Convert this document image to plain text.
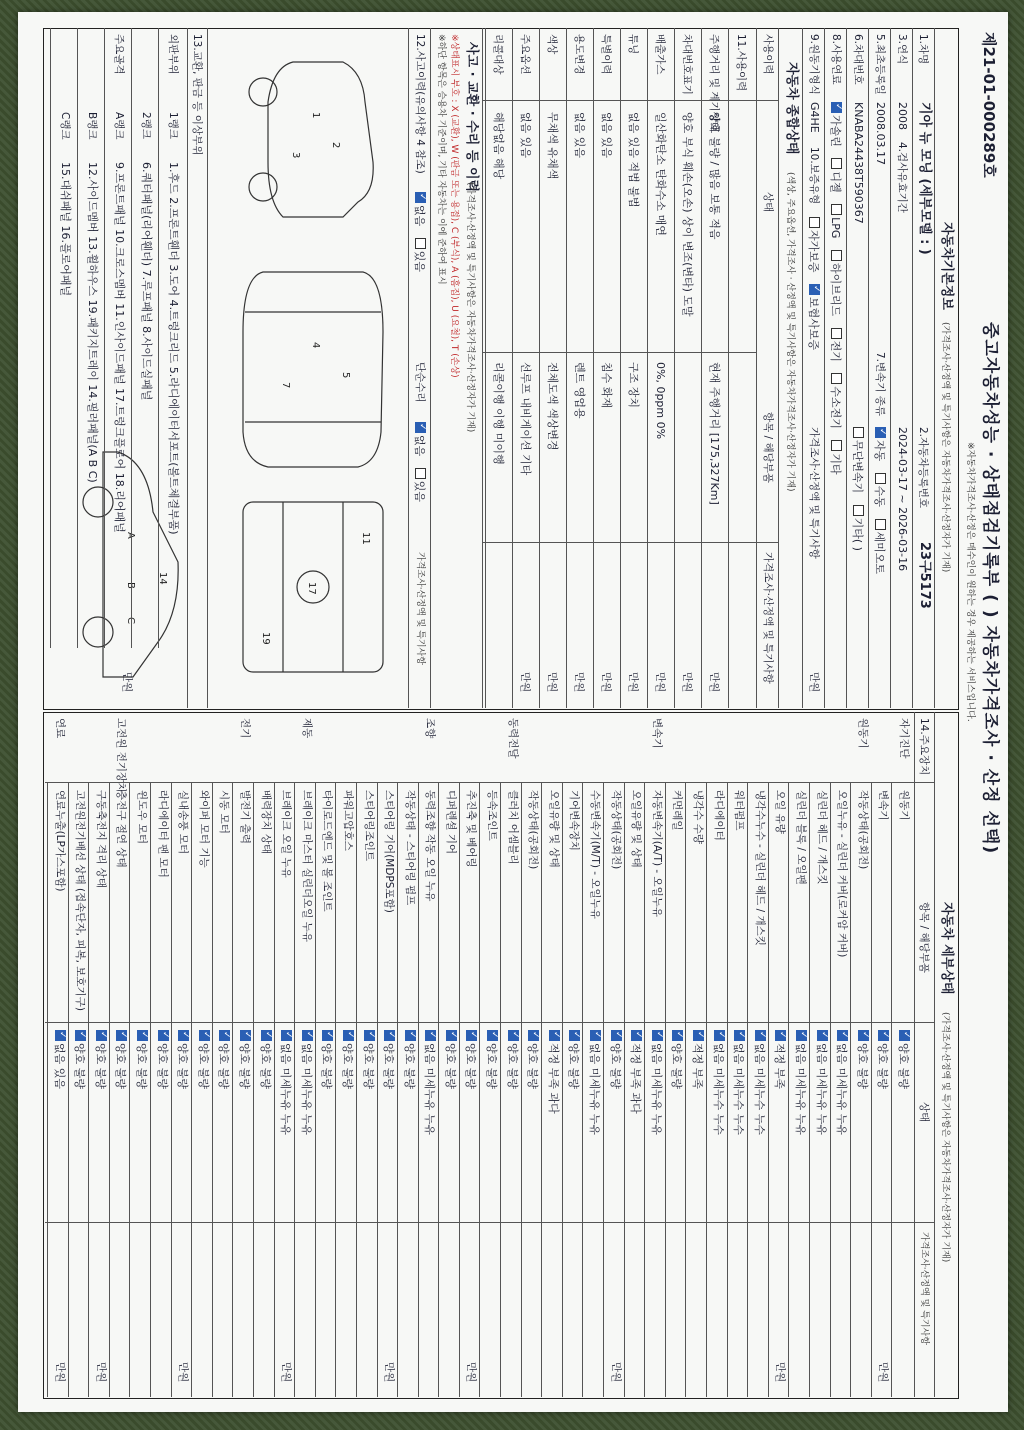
제21-01-000289호
중고자동차성능 · 상태점검기록부 ( ) 자동차가격조사 · 산정 선택)
※자동차가격조사·산정은 매수인이 원하는 경우 제공하는 서비스입니다.
자동차기본정보
(가격조사·산정액 및 특기사항은 자동차가격조사·산정자가 기재)
1.차명
기아 뉴 모닝 (세부모델 : )
2.자동차등록번호
23구5173
3.연식
2008
4.검사유효기간
2024-03-17 ~ 2026-03-16
5.최초등록일
2008.03.17
7.변속기 종류
✓자동 수동 세미오토
6.차대번호
KNABA24438T590367
무단변속기 기타( )
8.사용연료
✓가솔린 디젤 LPG 하이브리드 전기 수소전기 기타
9.원동기형식
G4HE
10.보증유형
자가보증 ✓보험사보증
가격조사·산정액 및 특기사항
만원
자동차 종합상태
(색상, 주요옵션, 가격조사 · 산정액 및 특기사항은 자동차가격조사·산정자가 기재)
사용이력
상태
항목 / 해당부품
가격조사·산정액 및 특기사항
11.사용이력
주행거리 및 계기상태
양호 불량 / 많음 보통 적음
현재 주행거리 [175,327Km]
만원
차대번호표기
양호 부식 훼손(오손) 상이 변조(변타) 도말
만원
배출가스
일산화탄소 탄화수소 매연
0%, 0ppm 0%
만원
튜닝
없음 있음 적법 불법
구조 장치
만원
특별이력
없음 있음
침수 화재
만원
용도변경
없음 있음
렌트 영업용
만원
색상
무채색 유채색
전체도색 색상변경
만원
주요옵션
없음 있음
선루프 내비게이션 기타
만원
리콜대상
해당없음 해당
리콜이행 이행 미이행
사고 · 교환 · 수리 등 이력
(가격조사·산정액 및 특기사항은 자동차가격조사·산정자가 기재)
※상태표시 부호 : X (교환), W (판금 또는 용접), C (부식), A (흠집), U (요철), T (손상)
※하단 항목은 승용차 기준이며, 기타 자동차는 이에 준하여 표시
12.사고이력(유의사항 4 참조)
✓없음 있음
단순수리
✓없음 있음
가격조사·산정액 및 특기사항
1
2
3
4
5
7
17
11
19
14
A
B
C
13.교환, 판금 등 이상부위
외판부위
1랭크
1.후드 2.프론트휀더 3.도어 4.트렁크리드 5.라디에이터서포트(볼트체결부품)
2랭크
6.쿼터패널(리어휀더) 7.루프패널 8.사이드실패널
주요골격
A랭크
9.프론트패널 10.크로스멤버 11.인사이드패널 17.트렁크플로어 18.리어패널
B랭크
12.사이드멤버 13.휠하우스 19.패키지트레이 14.필러패널(A B C)
C랭크
15.대쉬패널 16.플로어패널
만원
자동차 세부상태
(가격조사·산정액 및 특기사항은 자동차가격조사·산정자가 기재)
14.주요장치
항목 / 해당부품
상태
가격조사·산정액 및 특기사항
자기진단
원동기
✓양호 불량
변속기
✓양호 불량
만원
원동기
작동상태(공회전)
✓양호 불량
오일누유 - 실린더 커버(로커암 커버)
✓없음 미세누유 누유
실린더 헤드 / 개스킷
✓없음 미세누유 누유
실린더 블록 / 오일팬
✓없음 미세누유 누유
오일 유량
✓적정 부족
만원
냉각수누수 - 실린더 헤드 / 개스킷
✓없음 미세누수 누수
워터펌프
✓없음 미세누수 누수
라디에이터
✓없음 미세누수 누수
냉각수 수량
✓적정 부족
커먼레일
✓양호 불량
변속기
자동변속기(A/T) - 오일누유
✓없음 미세누유 누유
오일유량 및 상태
✓적정 부족 과다
작동상태(공회전)
✓양호 불량
만원
수동변속기(M/T) - 오일누유
✓없음 미세누유 누유
기어변속장치
✓양호 불량
오일유량 및 상태
✓적정 부족 과다
작동상태(공회전)
✓양호 불량
동력전달
클러치 어셈블리
✓양호 불량
등속조인트
✓양호 불량
추진축 및 베어링
✓양호 불량
만원
디퍼렌셜 기어
✓양호 불량
조향
동력조향 작동 오일 누유
✓없음 미세누유 누유
작동상태 - 스티어링 펌프
✓양호 불량
스티어링 기어(MDPS포함)
✓양호 불량
만원
스티어링조인트
✓양호 불량
파워고압호스
✓양호 불량
타이로드엔드 및 볼 조인트
✓양호 불량
제동
브레이크 마스터 실린더오일 누유
✓없음 미세누유 누유
브레이크 오일 누유
✓없음 미세누유 누유
만원
배력장치 상태
✓양호 불량
전기
발전기 출력
✓양호 불량
시동 모터
✓양호 불량
와이퍼 모터 기능
✓양호 불량
실내송풍 모터
✓양호 불량
만원
라디에이터 팬 모터
✓양호 불량
윈도우 모터
✓양호 불량
고전원 전기장치
충전구 절연 상태
✓양호 불량
구동축전지 격리 상태
✓양호 불량
만원
고전원전기배선 상태 (접속단자, 피복, 보호기구)
✓양호 불량
연료
연료누출(LP가스포함)
✓없음 있음
만원
